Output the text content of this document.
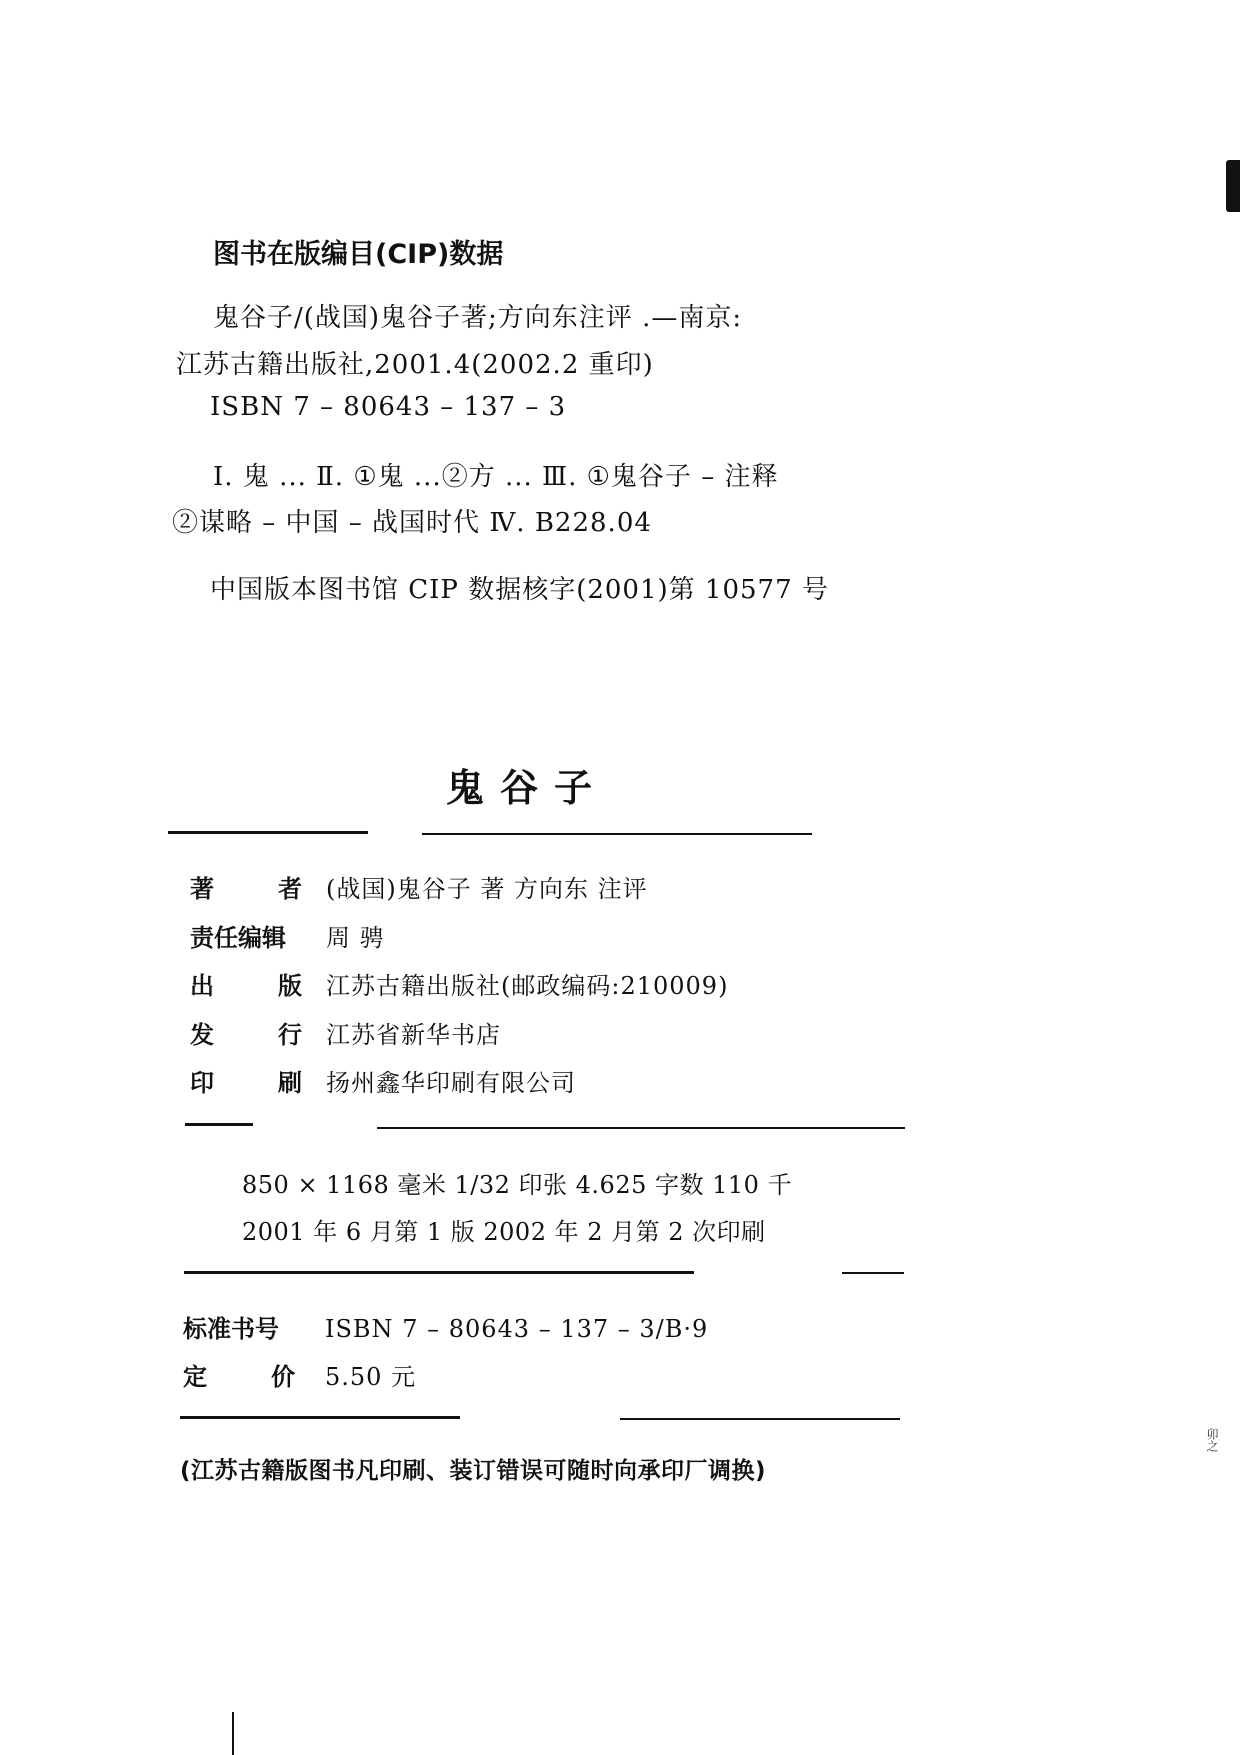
图书在版编目(CIP)数据
鬼谷子/(战国)鬼谷子著;方向东注评 .—南京:
江苏古籍出版社,2001.4(2002.2 重印)
ISBN 7 – 80643 – 137 – 3
Ⅰ. 鬼 ... Ⅱ. ①鬼 ...②方 ... Ⅲ. ①鬼谷子 – 注释
②谋略 – 中国 – 战国时代 Ⅳ. B228.04
中国版本图书馆 CIP 数据核字(2001)第 10577 号
鬼谷子
著	者 (战国)鬼谷子 著 方向东 注评
责任编辑 周 骋
出	版 江苏古籍出版社(邮政编码:210009)
发	行 江苏省新华书店
印	刷 扬州鑫华印刷有限公司
850 × 1168 毫米 1/32 印张 4.625 字数 110 千
2001 年 6 月第 1 版 2002 年 2 月第 2 次印刷
标准书号	ISBN 7 – 80643 – 137 – 3/B·9
定	价 5.50 元
(江苏古籍版图书凡印刷、装订错误可随时向承印厂调换)
卯之
